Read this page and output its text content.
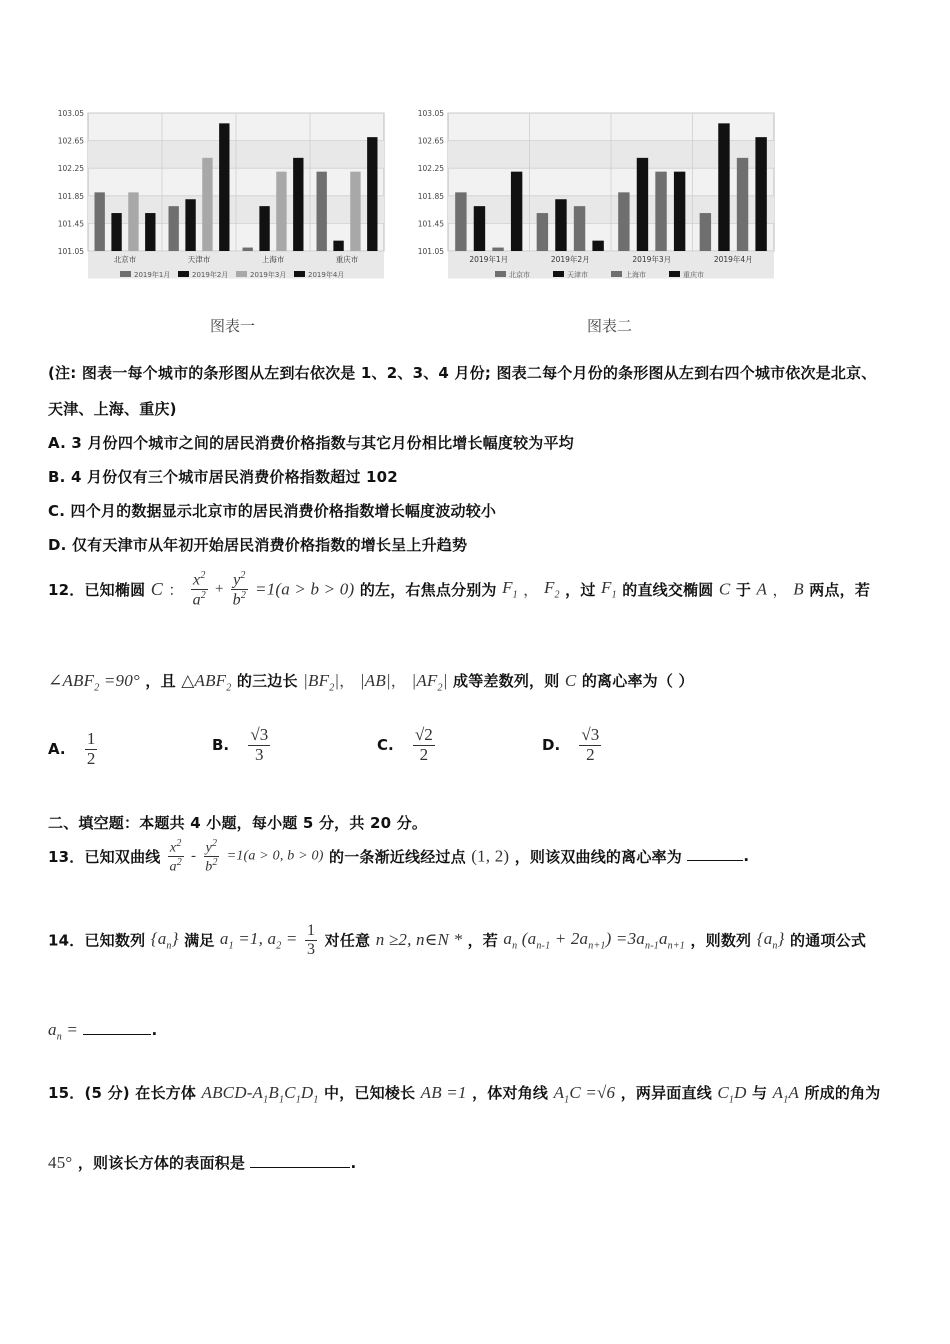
103.05
102.65
102.25
101.85
101.45
101.05
北京市	天津市	上海市	重庆市
2019年1月	2019年2月	2019年3月	2019年4月
图表一
103.05
102.65
102.25
101.85
101.45
101.05
2019年1月	2019年2月	2019年3月	2019年4月
北京市	天津市	上海市	重庆市
图表二
(注: 图表一每个城市的条形图从左到右依次是 1、2、3、4 月份; 图表二每个月份的条形图从左到右四个城市依次是北京、
天津、上海、重庆)
A. 3 月份四个城市之间的居民消费价格指数与其它月份相比增长幅度较为平均
B. 4 月份仅有三个城市居民消费价格指数超过 102
C. 四个月的数据显示北京市的居民消费价格指数增长幅度波动较小
D. 仅有天津市从年初开始居民消费价格指数的增长呈上升趋势
12．已知椭圆 C ： $\frac{x^2}{a^2} + \frac{y^2}{b^2} =1(a > b > 0)$ 的左，右焦点分别为 $F_1$ ， $F_2$ ，过 $F_1$ 的直线交椭圆 C 于 A ， B 两点，若
$\angle ABF_2 =90^\circ$ ，且 $\triangle ABF_2$ 的三边长 $|BF_2|$， |AB|， $|AF_2|$ 成等差数列，则 C 的离心率为（ ）
A. $\frac{1}{2}$	B. $\frac{√3}{3}$	C. $\frac{√2}{2}$	D. $\frac{√3}{2}$
二、填空题：本题共 4 小题，每小题 5 分，共 20 分。
13．已知双曲线 $\frac{x^2}{a^2} - \frac{y^2}{b^2} =1(a > 0$, b > 0) 的一条渐近线经过点 (1, 2) ，则该双曲线的离心率为	.
14．已知数列 $\{a_n\}$ 满足 $a_1 =1$, $a_2 = \frac{1}{3}$ 对任意 n ≥2, n∈N * ，若 $a_n$ $(a_{n-1} + 2a_{n+1}) =3a_{n-1}a_{n+1}$ ，则数列 $\{a_n\}$ 的通项公式
$a_n$ =	.
15．(5 分) 在长方体 ABCD-$A_1B_1C_1D_1$ 中，已知棱长 AB =1 ，体对角线 $A_1C =√6$ ，两异面直线 $C_1D$ 与 $A_1A$ 所成的角为
45° ，则该长方体的表面积是	.
